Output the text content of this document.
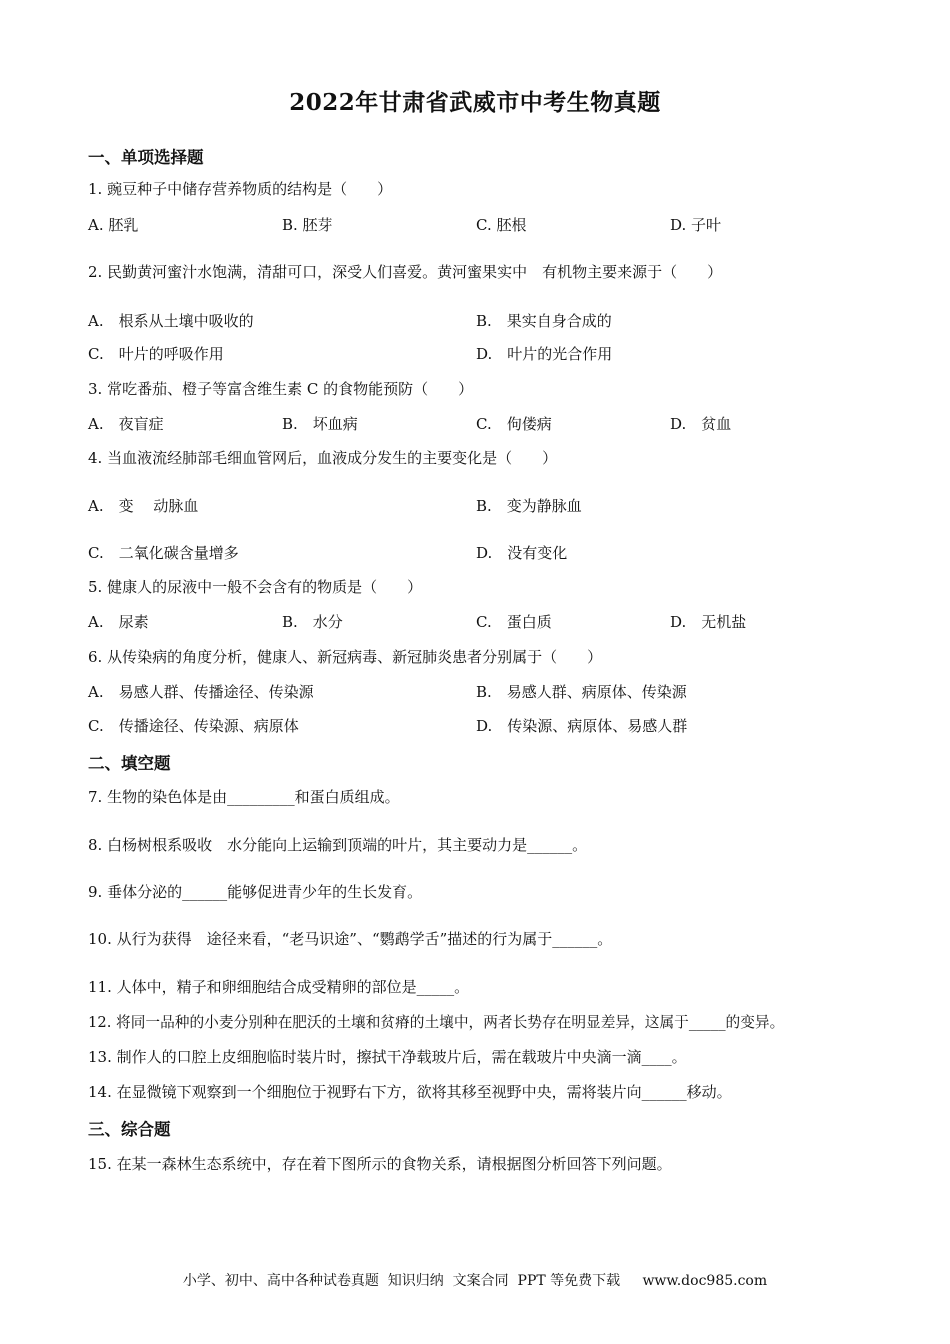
2022年甘肃省武威市中考生物真题
一、单项选择题
1. 豌豆种子中储存营养物质的结构是（　　）
A. 胚乳	B. 胚芽	C. 胚根	D. 子叶
2. 民勤黄河蜜汁水饱满，清甜可口，深受人们喜爱。黄河蜜果实中　有机物主要来源于（　　）
A.　根系从土壤中吸收的	B.　果实自身合成的
C.　叶片的呼吸作用	D.　叶片的光合作用
3. 常吃番茄、橙子等富含维生素 C 的食物能预防（　　）
A.　夜盲症	B.　坏血病	C.　佝偻病	D.　贫血
4. 当血液流经肺部毛细血管网后，血液成分发生的主要变化是（　　）
A.　变　 动脉血	B.　变为静脉血
C.　二氧化碳含量增多	D.　没有变化
5. 健康人的尿液中一般不会含有的物质是（　　）
A.　尿素	B.　水分	C.　蛋白质	D.　无机盐
6. 从传染病的角度分析，健康人、新冠病毒、新冠肺炎患者分别属于（　　）
A.　易感人群、传播途径、传染源	B.　易感人群、病原体、传染源
C.　传播途径、传染源、病原体	D.　传染源、病原体、易感人群
二、填空题
7. 生物的染色体是由_________和蛋白质组成。
8. 白杨树根系吸收　水分能向上运输到顶端的叶片，其主要动力是______。
9. 垂体分泌的______能够促进青少年的生长发育。
10. 从行为获得　途径来看，“老马识途”、“鹦鹉学舌”描述的行为属于______。
11. 人体中，精子和卵细胞结合成受精卵的部位是_____。
12. 将同一品种的小麦分别种在肥沃的土壤和贫瘠的土壤中，两者长势存在明显差异，这属于_____的变异。
13. 制作人的口腔上皮细胞临时装片时，擦拭干净载玻片后，需在载玻片中央滴一滴____。
14. 在显微镜下观察到一个细胞位于视野右下方，欲将其移至视野中央，需将装片向______移动。
三、综合题
15. 在某一森林生态系统中，存在着下图所示的食物关系，请根据图分析回答下列问题。
小学、初中、高中各种试卷真题  知识归纳  文案合同  PPT 等免费下载     www.doc985.com
